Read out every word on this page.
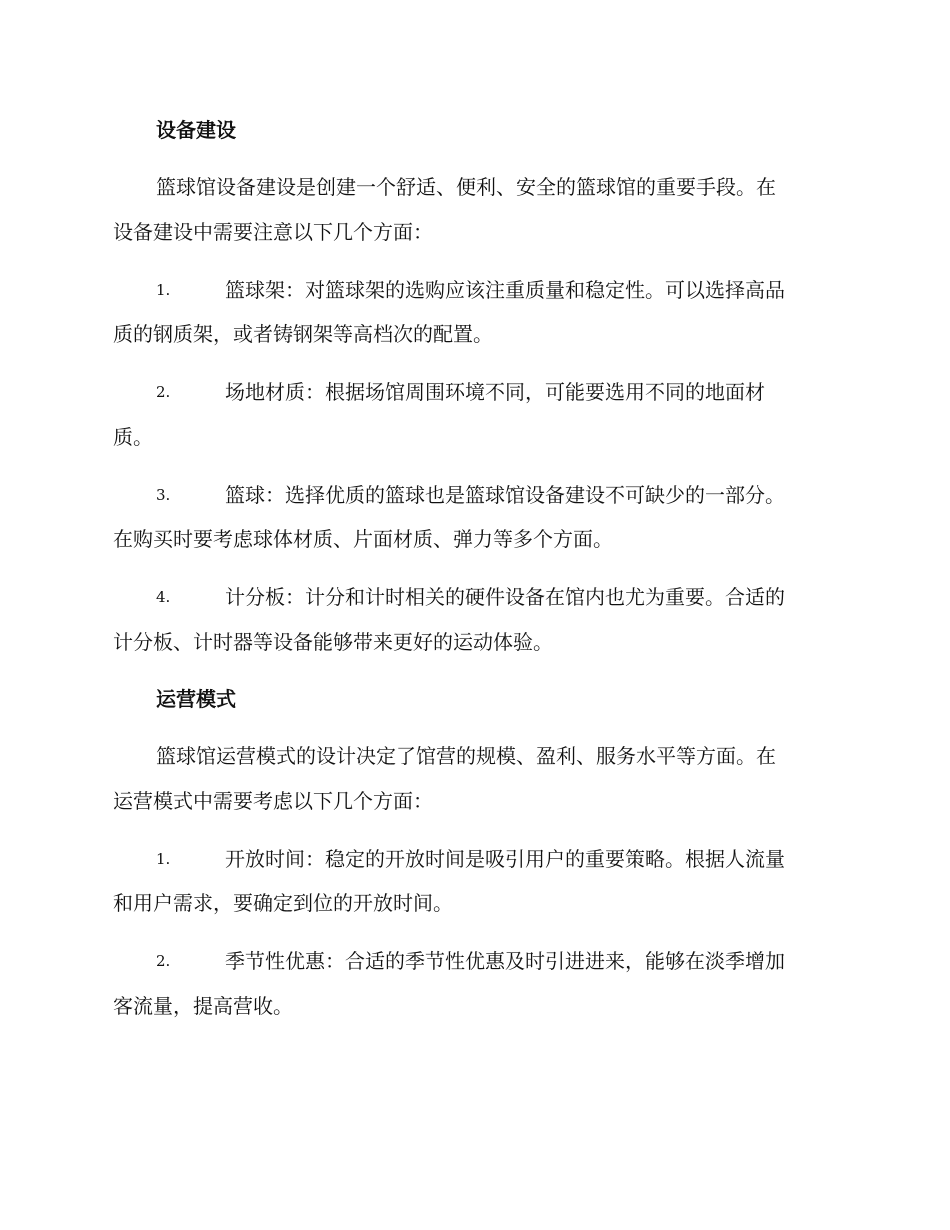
设备建设
篮球馆设备建设是创建一个舒适、便利、安全的篮球馆的重要手段。在
设备建设中需要注意以下几个方面：
1.	篮球架：对篮球架的选购应该注重质量和稳定性。可以选择高品
质的钢质架，或者铸钢架等高档次的配置。
2.	场地材质：根据场馆周围环境不同，可能要选用不同的地面材
质。
3.	篮球：选择优质的篮球也是篮球馆设备建设不可缺少的一部分。
在购买时要考虑球体材质、片面材质、弹力等多个方面。
4.	计分板：计分和计时相关的硬件设备在馆内也尤为重要。合适的
计分板、计时器等设备能够带来更好的运动体验。
运营模式
篮球馆运营模式的设计决定了馆营的规模、盈利、服务水平等方面。在
运营模式中需要考虑以下几个方面：
1.	开放时间：稳定的开放时间是吸引用户的重要策略。根据人流量
和用户需求，要确定到位的开放时间。
2.	季节性优惠：合适的季节性优惠及时引进进来，能够在淡季增加
客流量，提高营收。
